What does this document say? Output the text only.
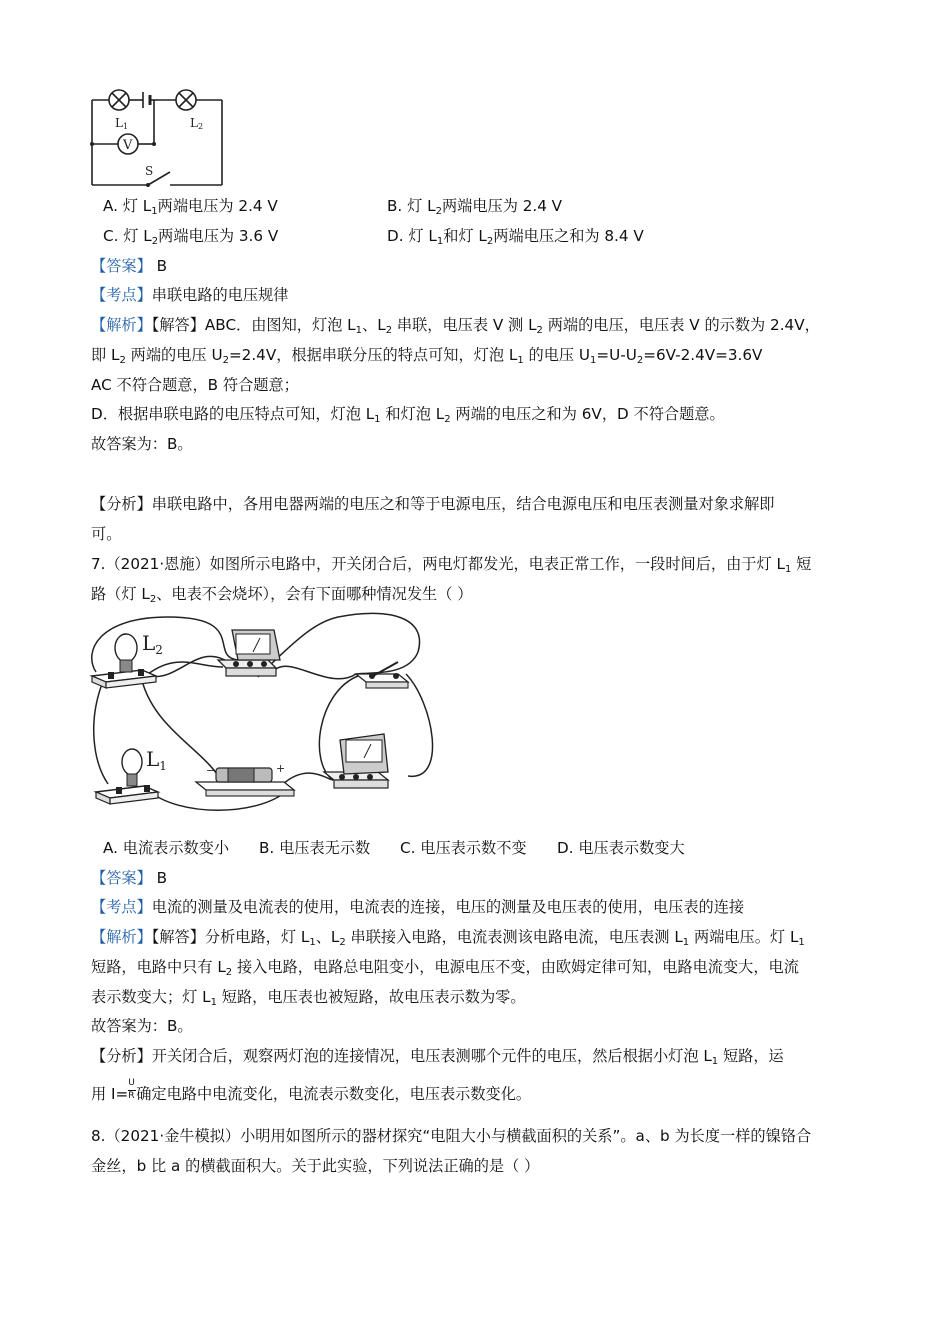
V
L1	L2
S
A. 灯 $L_1$两端电压为 2.4 V	B. 灯 $L_2$两端电压为 2.4 V
C. 灯 $L_2$两端电压为 3.6 V	D. 灯 $L_1$和灯 $L_2$两端电压之和为 8.4 V
【答案】 B
【考点】串联电路的电压规律
【解析】【解答】ABC．由图知，灯泡 $L_1$、$L_2$ 串联，电压表 V 测 $L_2$ 两端的电压，电压表 V 的示数为 2.4V，
即 $L_2$ 两端的电压 $U_2=2.4V$，根据串联分压的特点可知，灯泡 $L_1$ 的电压 $U_1=U-U_2=6V-2.4V=3.6V$
AC 不符合题意，B 符合题意；
D．根据串联电路的电压特点可知，灯泡 $L_1$ 和灯泡 $L_2$ 两端的电压之和为 6V，D 不符合题意。
故答案为：B。
【分析】串联电路中，各用电器两端的电压之和等于电源电压，结合电源电压和电压表测量对象求解即
可。
7.（2021·恩施）如图所示电路中，开关闭合后，两电灯都发光，电表正常工作，一段时间后，由于灯 $L_1$ 短
路（灯 $L_2$、电表不会烧坏），会有下面哪种情况发生（ ）
$L_2$
$L_1$	−	+
A. 电流表示数变小 B. 电压表无示数 C. 电压表示数不变 D. 电压表示数变大
【答案】 B
【考点】电流的测量及电流表的使用，电流表的连接，电压的测量及电压表的使用，电压表的连接
【解析】【解答】分析电路，灯 $L_1$、$L_2$ 串联接入电路，电流表测该电路电流，电压表测 $L_1$ 两端电压。灯 $L_1$
短路，电路中只有 $L_2$ 接入电路，电路总电阻变小，电源电压不变，由欧姆定律可知，电路电流变大，电流
表示数变大；灯 $L_1$ 短路，电压表也被短路，故电压表示数为零。
故答案为：B。
【分析】开关闭合后，观察两灯泡的连接情况，电压表测哪个元件的电压，然后根据小灯泡 $L_1$ 短路，运
用 $I= \frac{U}{R}$ 确定电路中电流变化，电流表示数变化，电压表示数变化。
8.（2021·金牛模拟）小明用如图所示的器材探究“电阻大小与横截面积的关系”。a、b 为长度一样的镍铬合
金丝，b 比 a 的横截面积大。关于此实验，下列说法正确的是（ ）
